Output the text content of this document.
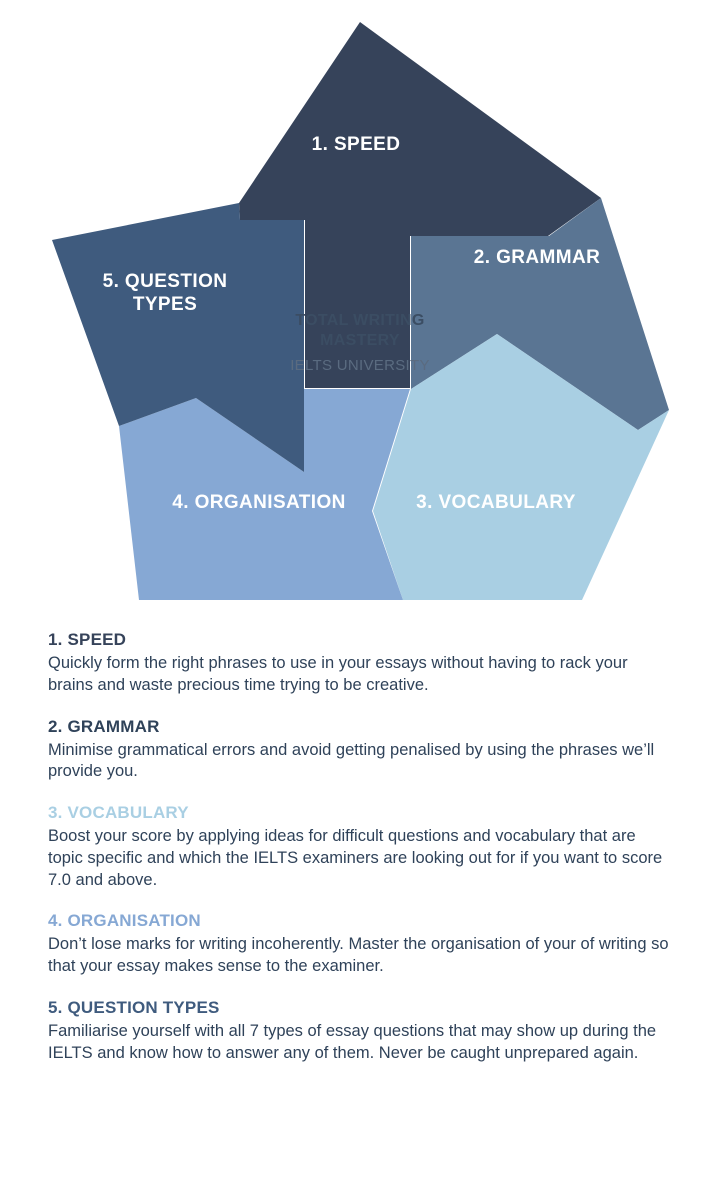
1. SPEED
2. GRAMMAR
3. VOCABULARY
4. ORGANISATION
5. QUESTION
TYPES
TOTAL WRITING
MASTERY
IELTS UNIVERSITY

1. SPEED

Quickly form the right phrases to use in your essays without having to rack your brains and waste precious time trying to be creative.

2. GRAMMAR

Minimise grammatical errors and avoid getting penalised by using the phrases we’ll provide you.

3. VOCABULARY

Boost your score by applying ideas for difficult questions and vocabulary that are topic specific and which the IELTS examiners are looking out for if you want to score 7.0 and above.

4. ORGANISATION

Don’t lose marks for writing incoherently. Master the organisation of your of writing so that your essay makes sense to the examiner.

5. QUESTION TYPES

Familiarise yourself with all 7 types of essay questions that may show up during the IELTS and know how to answer any of them. Never be caught unprepared again.
